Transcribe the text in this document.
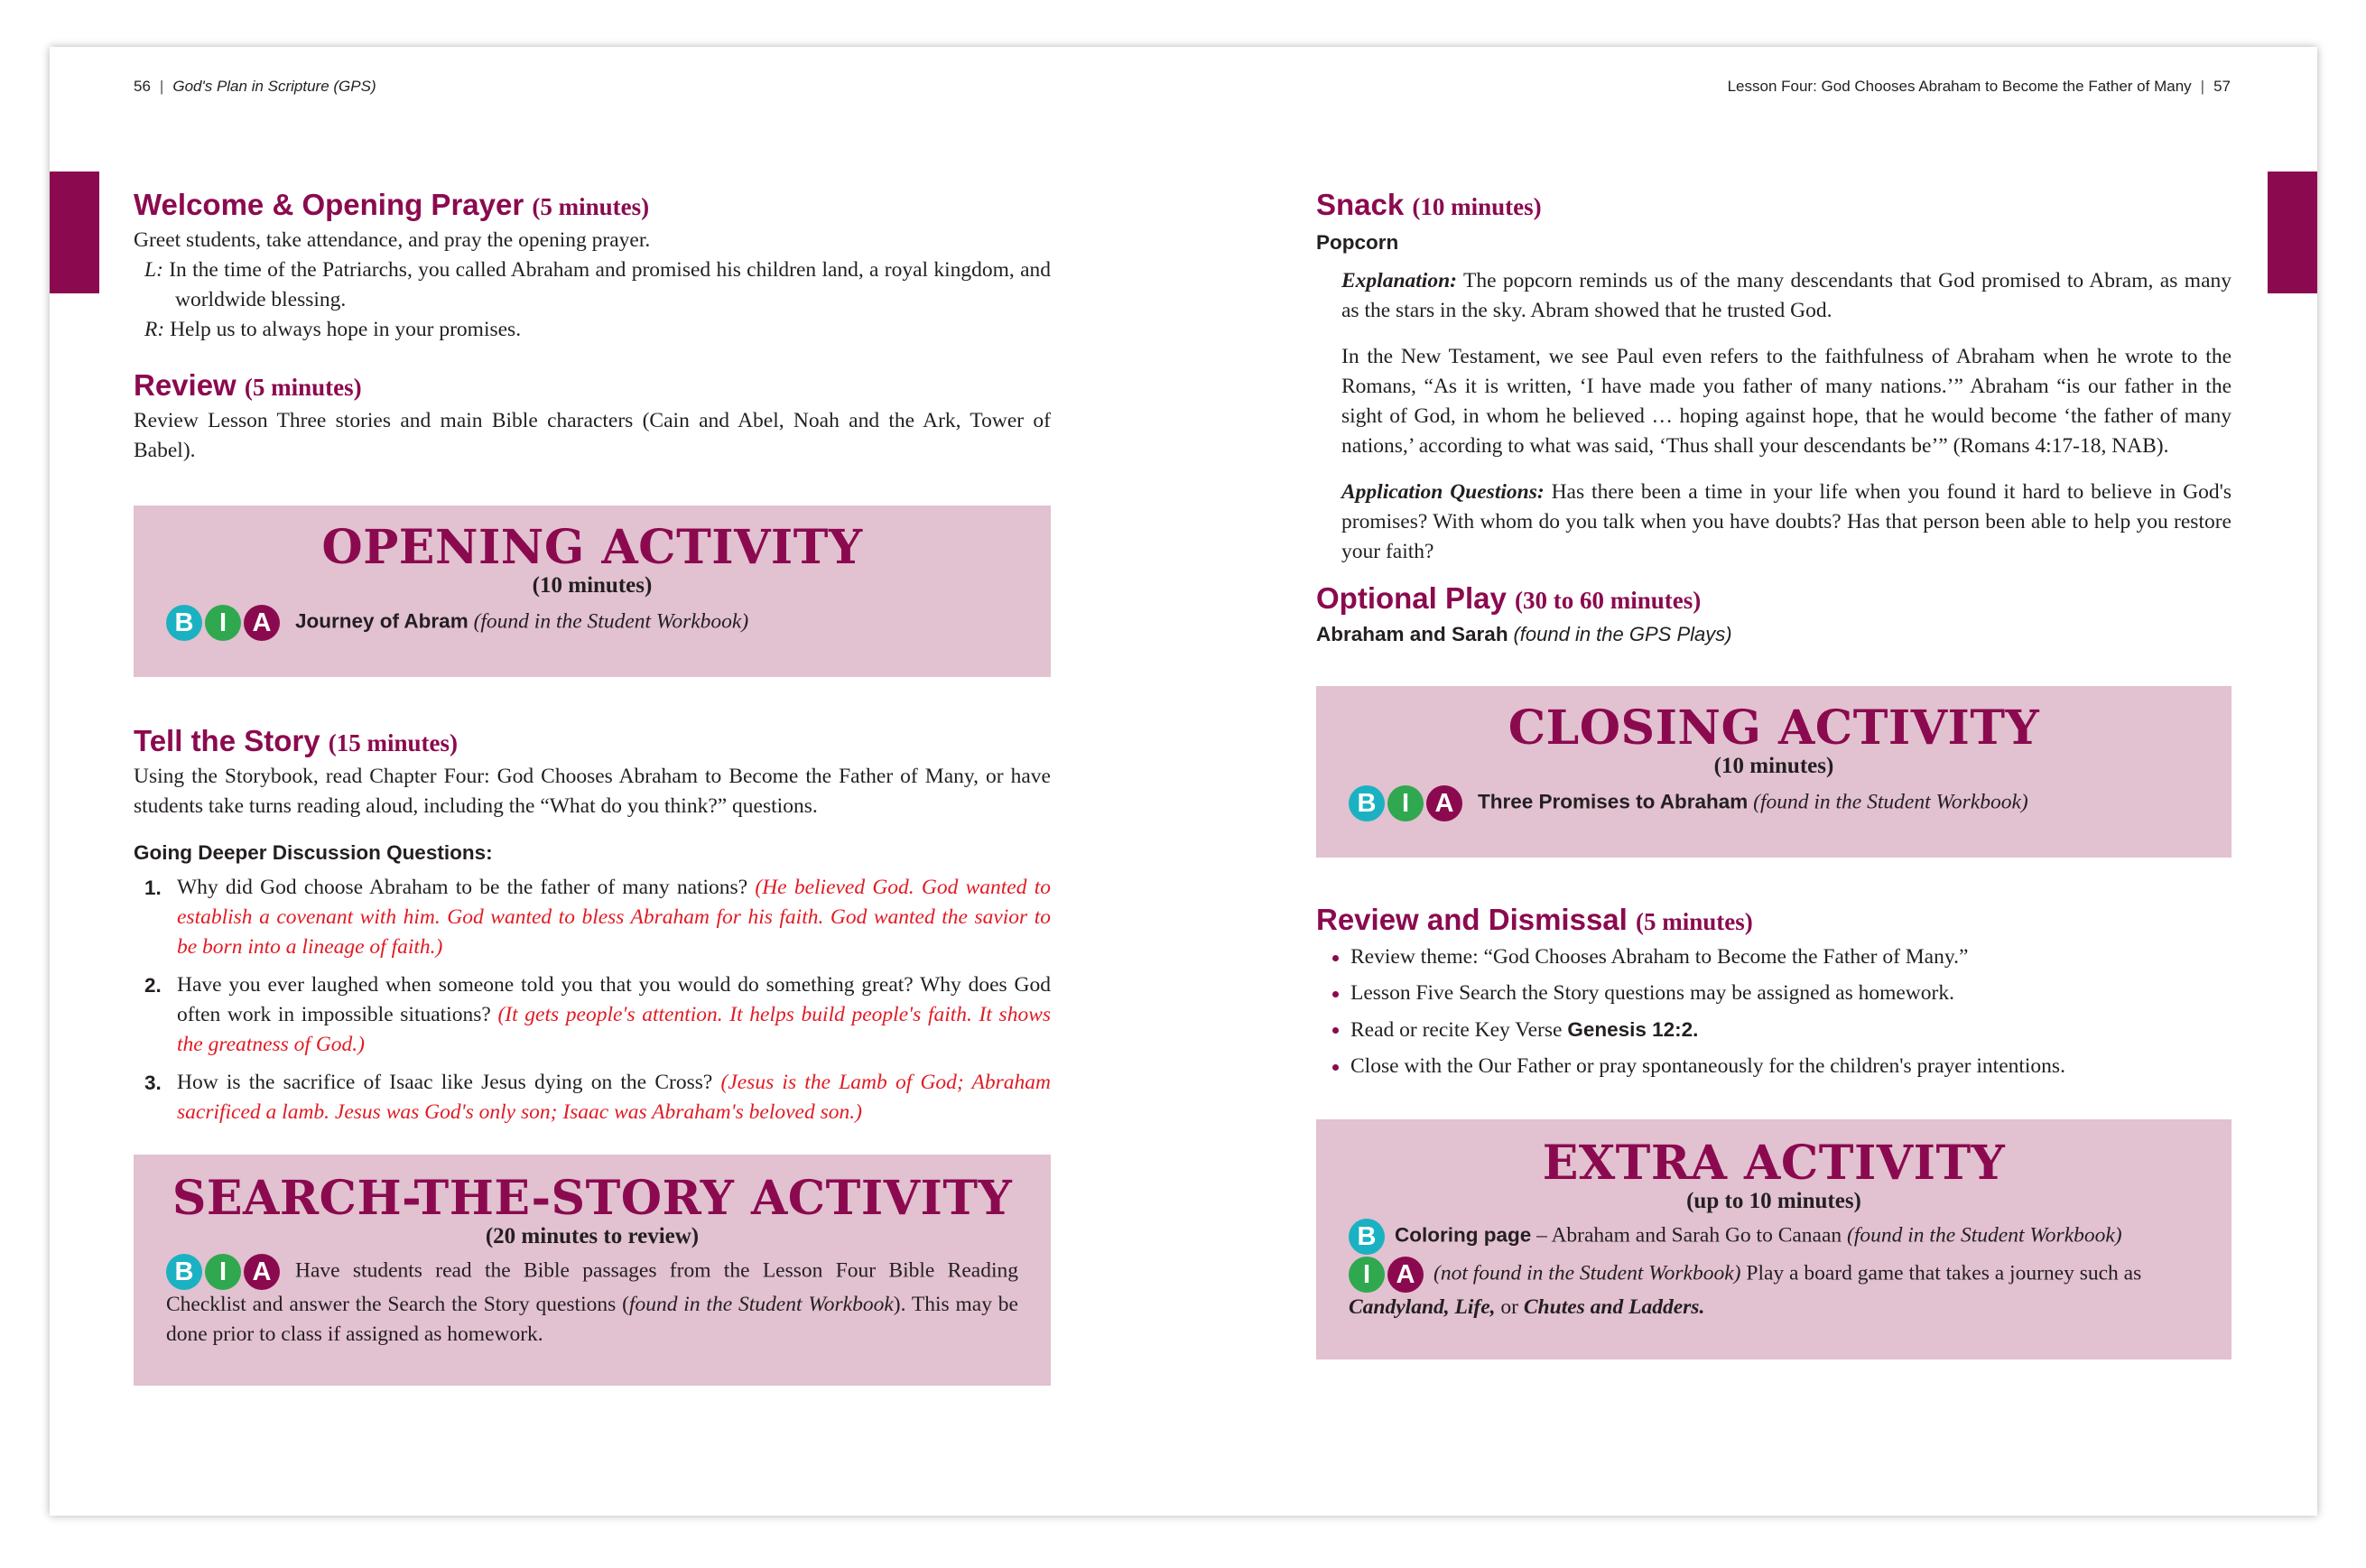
56 | God's Plan in Scripture (GPS)	Lesson Four: God Chooses Abraham to Become the Father of Many | 57
Welcome & Opening Prayer (5 minutes)

Greet students, take attendance, and pray the opening prayer.

L: In the time of the Patriarchs, you called Abraham and promised his children land, a royal kingdom, and worldwide blessing.

R: Help us to always hope in your promises.

Review (5 minutes)

Review Lesson Three stories and main Bible characters (Cain and Abel, Noah and the Ark, Tower of Babel).

OPENING ACTIVITY
(10 minutes)
B I A Journey of Abram (found in the Student Workbook)
Tell the Story (15 minutes)

Using the Storybook, read Chapter Four: God Chooses Abraham to Become the Father of Many, or have students take turns reading aloud, including the “What do you think?” questions.

Going Deeper Discussion Questions:
1. Why did God choose Abraham to be the father of many nations? (He believed God. God wanted to establish a covenant with him. God wanted to bless Abraham for his faith. God wanted the savior to be born into a lineage of faith.)
2. Have you ever laughed when someone told you that you would do something great? Why does God often work in impossible situations? (It gets people's attention. It helps build people's faith. It shows the greatness of God.)
3. How is the sacrifice of Isaac like Jesus dying on the Cross? (Jesus is the Lamb of God; Abraham sacrificed a lamb. Jesus was God's only son; Isaac was Abraham's beloved son.)
SEARCH-THE-STORY ACTIVITY
(20 minutes to review)

B I A Have students read the Bible passages from the Lesson Four Bible Reading Checklist and answer the Search the Story questions (found in the Student Workbook). This may be done prior to class if assigned as homework.

Snack (10 minutes)
Popcorn

Explanation: The popcorn reminds us of the many descendants that God promised to Abram, as many as the stars in the sky. Abram showed that he trusted God.

In the New Testament, we see Paul even refers to the faithfulness of Abraham when he wrote to the Romans, “As it is written, ‘I have made you father of many nations.’” Abraham “is our father in the sight of God, in whom he believed … hoping against hope, that he would become ‘the father of many nations,’ according to what was said, ‘Thus shall your descendants be’” (Romans 4:17-18, NAB).

Application Questions: Has there been a time in your life when you found it hard to believe in God's promises? With whom do you talk when you have doubts? Has that person been able to help you restore your faith?

Optional Play (30 to 60 minutes)
Abraham and Sarah (found in the GPS Plays)
CLOSING ACTIVITY
(10 minutes)
B I A Three Promises to Abraham (found in the Student Workbook)
Review and Dismissal (5 minutes)
Review theme: “God Chooses Abraham to Become the Father of Many.”
Lesson Five Search the Story questions may be assigned as homework.
Read or recite Key Verse Genesis 12:2.
Close with the Our Father or pray spontaneously for the children's prayer intentions.
EXTRA ACTIVITY
(up to 10 minutes)
B Coloring page – Abraham and Sarah Go to Canaan (found in the Student Workbook)

I A (not found in the Student Workbook) Play a board game that takes a journey such as Candyland, Life, or Chutes and Ladders.
